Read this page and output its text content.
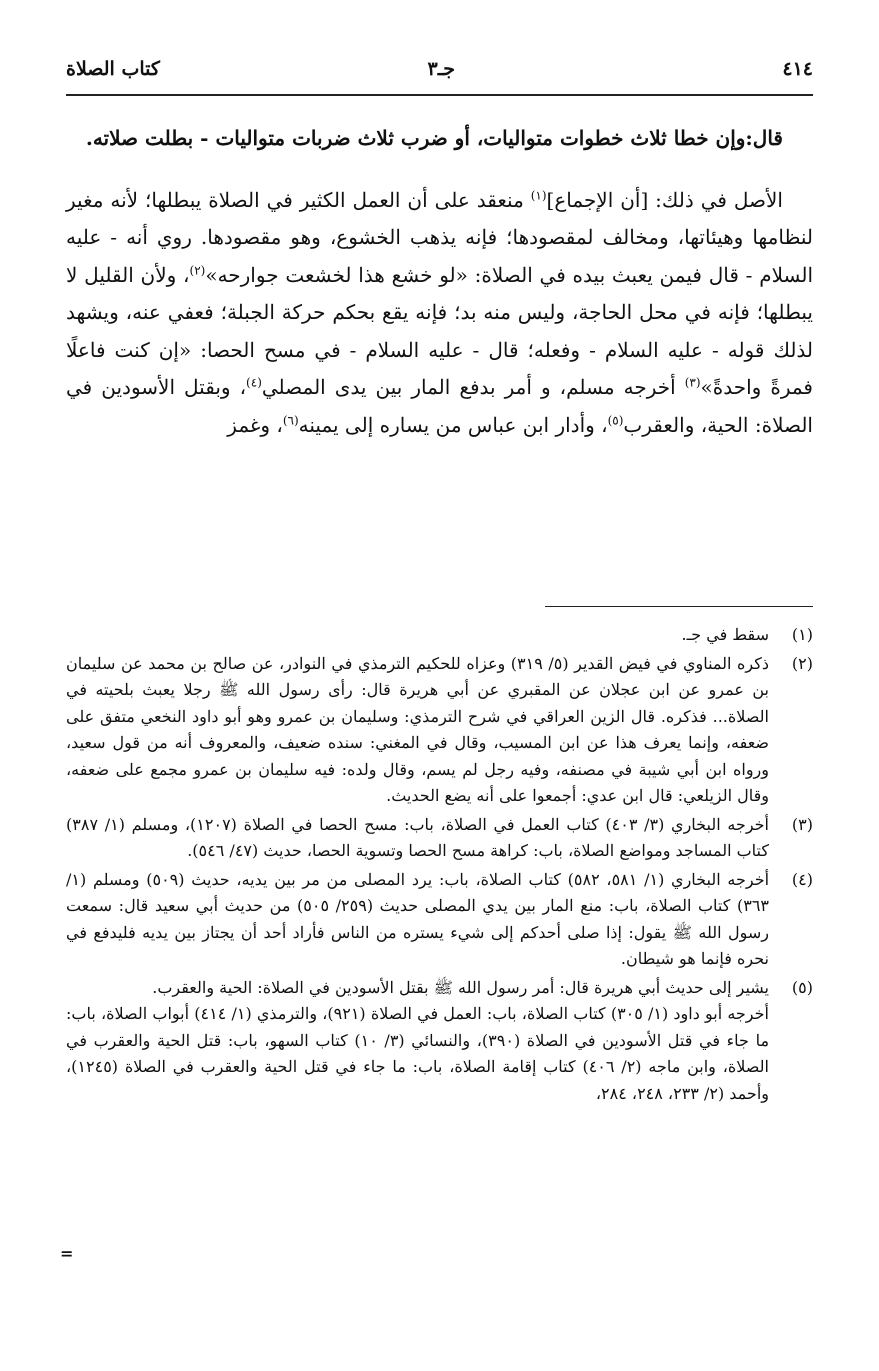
٤١٤
جـ٣
كتاب الصلاة

قال:وإن خطا ثلاث خطوات متواليات، أو ضرب ثلاث ضربات متواليات - بطلت صلاته.

الأصل في ذلك: [أن الإجماع]$^{(١)}$ منعقد على أن العمل الكثير في الصلاة يبطلها؛ لأنه مغير لنظامها وهيئاتها، ومخالف لمقصودها؛ فإنه يذهب الخشوع، وهو مقصودها. روي أنه - عليه السلام - قال فيمن يعبث بيده في الصلاة: «لو خشع هذا لخشعت جوارحه»$^{(٢)}$، ولأن القليل لا يبطلها؛ فإنه في محل الحاجة، وليس منه بد؛ فإنه يقع بحكم حركة الجبلة؛ فعفي عنه، ويشهد لذلك قوله - عليه السلام - وفعله؛ قال - عليه السلام - في مسح الحصا: «إن كنت فاعلًا فمرةً واحدةً»$^{(٣)}$ أخرجه مسلم، و أمر بدفع المار بين يدى المصلي$^{(٤)}$، وبقتل الأسودين في الصلاة: الحية، والعقرب$^{(٥)}$، وأدار ابن عباس من يساره إلى يمينه$^{(٦)}$، وغمز

(١)

سقط في جـ.

(٢)

ذكره المناوي في فيض القدير (٥/ ٣١٩) وعزاه للحكيم الترمذي في النوادر، عن صالح بن محمد عن سليمان بن عمرو عن ابن عجلان عن المقبري عن أبي هريرة قال: رأى رسول الله ﷺ رجلا يعبث بلحيته في الصلاة... فذكره. قال الزين العراقي في شرح الترمذي: وسليمان بن عمرو وهو أبو داود النخعي متفق على ضعفه، وإنما يعرف هذا عن ابن المسيب، وقال في المغني: سنده ضعيف، والمعروف أنه من قول سعيد، ورواه ابن أبي شيبة في مصنفه، وفيه رجل لم يسم، وقال ولده: فيه سليمان بن عمرو مجمع على ضعفه، وقال الزيلعي: قال ابن عدي: أجمعوا على أنه يضع الحديث.

(٣)

أخرجه البخاري (٣/ ٤٠٣) كتاب العمل في الصلاة، باب: مسح الحصا في الصلاة (١٢٠٧)، ومسلم (١/ ٣٨٧) كتاب المساجد ومواضع الصلاة، باب: كراهة مسح الحصا وتسوية الحصا، حديث (٤٧/ ٥٤٦).

(٤)

أخرجه البخاري (١/ ٥٨١، ٥٨٢) كتاب الصلاة، باب: يرد المصلى من مر بين يديه، حديث (٥٠٩) ومسلم (١/ ٣٦٣) كتاب الصلاة، باب: منع المار بين يدي المصلى حديث (٢٥٩/ ٥٠٥) من حديث أبي سعيد قال: سمعت رسول الله ﷺ يقول: إذا صلى أحدكم إلى شيء يستره من الناس فأراد أحد أن يجتاز بين يديه فليدفع في نحره فإنما هو شيطان.

(٥)

يشير إلى حديث أبي هريرة قال: أمر رسول الله ﷺ بقتل الأسودين في الصلاة: الحية والعقرب.

أخرجه أبو داود (١/ ٣٠٥) كتاب الصلاة، باب: العمل في الصلاة (٩٢١)، والترمذي (١/ ٤١٤) أبواب الصلاة، باب: ما جاء في قتل الأسودين في الصلاة (٣٩٠)، والنسائي (٣/ ١٠) كتاب السهو، باب: قتل الحية والعقرب في الصلاة، وابن ماجه (٢/ ٤٠٦) كتاب إقامة الصلاة، باب: ما جاء في قتل الحية والعقرب في الصلاة (١٢٤٥)، وأحمد (٢/ ٢٣٣، ٢٤٨، ٢٨٤،

=
